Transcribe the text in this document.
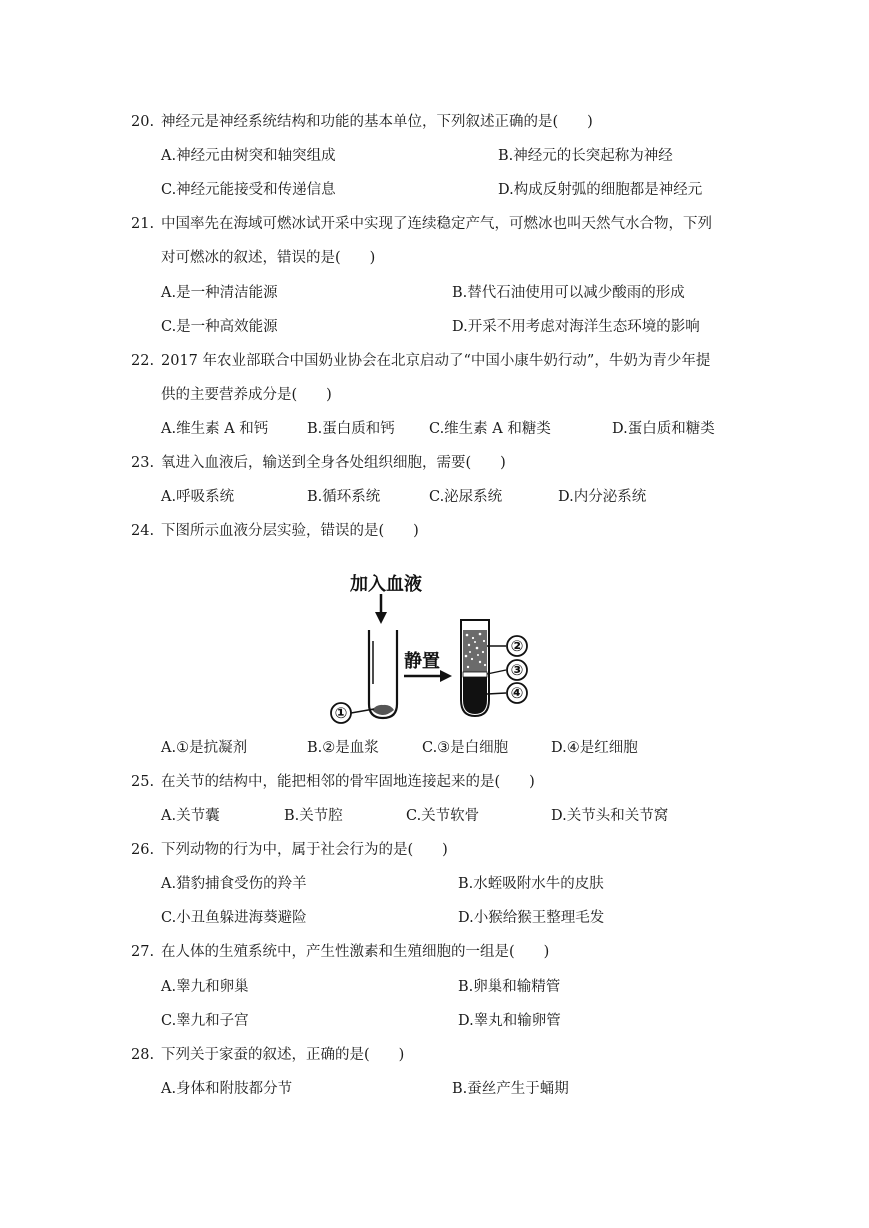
20. 神经元是神经系统结构和功能的基本单位，下列叙述正确的是(　　)
A.神经元由树突和轴突组成	B.神经元的长突起称为神经
C.神经元能接受和传递信息	D.构成反射弧的细胞都是神经元
21. 中国率先在海域可燃冰试开采中实现了连续稳定产气，可燃冰也叫天然气水合物，下列
对可燃冰的叙述，错误的是(　　)
A.是一种清洁能源	B.替代石油使用可以减少酸雨的形成
C.是一种高效能源	D.开采不用考虑对海洋生态环境的影响
22. 2017 年农业部联合中国奶业协会在北京启动了“中国小康牛奶行动”，牛奶为青少年提
供的主要营养成分是(　　)
A.维生素 A 和钙	B.蛋白质和钙 C.维生素 A 和糖类	D.蛋白质和糖类
23. 氧进入血液后，输送到全身各处组织细胞，需要(　　)
A.呼吸系统	B.循环系统	C.泌尿系统	D.内分泌系统
24. 下图所示血液分层实验，错误的是(　　)
加入血液
①
静置
②
③
④
A.①是抗凝剂	B.②是血浆	C.③是白细胞	D.④是红细胞
25. 在关节的结构中，能把相邻的骨牢固地连接起来的是(　　)
A.关节囊	B.关节腔	C.关节软骨	D.关节头和关节窝
26. 下列动物的行为中，属于社会行为的是(　　)
A.猎豹捕食受伤的羚羊	B.水蛭吸附水牛的皮肤
C.小丑鱼躲进海葵避险	D.小猴给猴王整理毛发
27. 在人体的生殖系统中，产生性激素和生殖细胞的一组是(　　)
A.睾九和卵巢	B.卵巢和输精管
C.睾九和子宫	D.睾丸和输卵管
28. 下列关于家蚕的叙述，正确的是(　　)
A.身体和附肢都分节	B.蚕丝产生于蛹期
